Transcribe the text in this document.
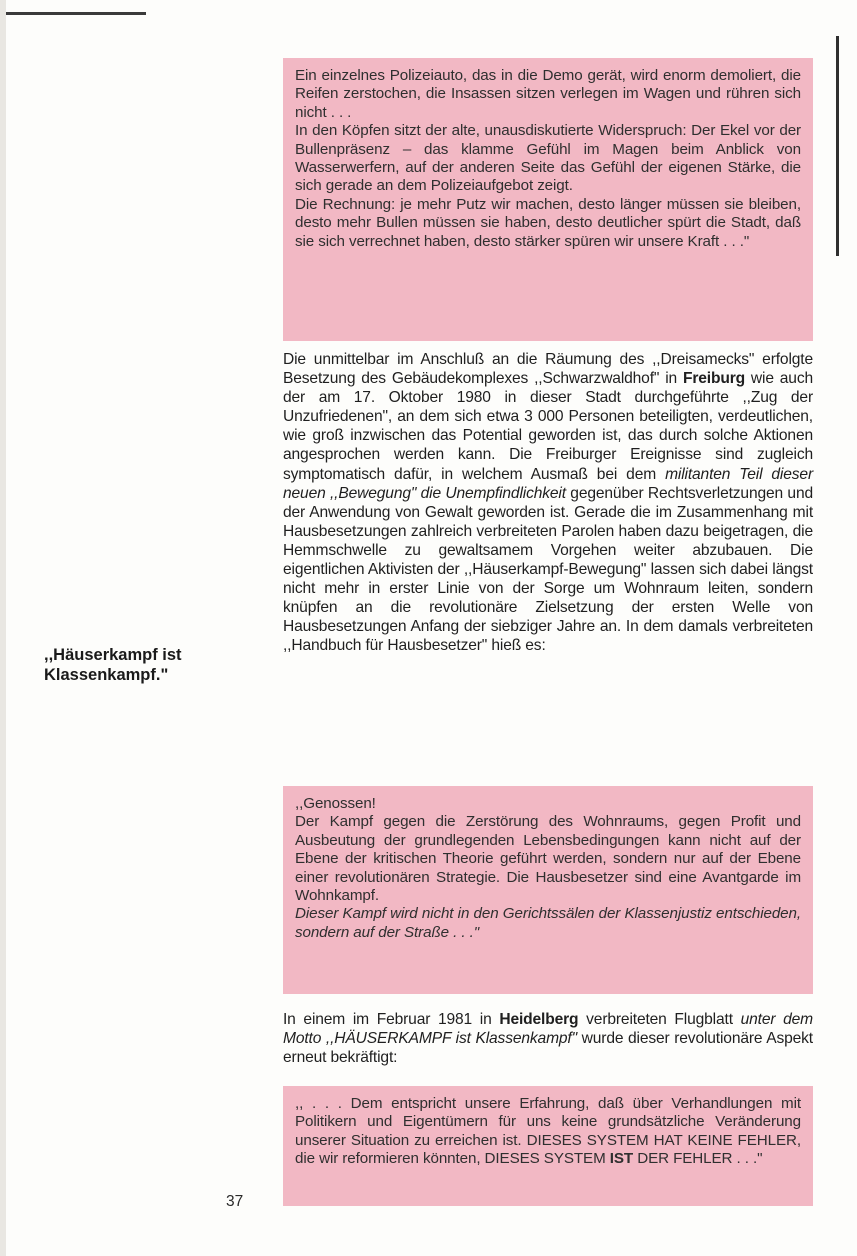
Ein einzelnes Polizeiauto, das in die Demo gerät, wird enorm demoliert, die Reifen zerstochen, die Insassen sitzen verlegen im Wagen und rühren sich nicht . . .

In den Köpfen sitzt der alte, unausdiskutierte Widerspruch: Der Ekel vor der Bullenpräsenz – das klamme Gefühl im Magen beim Anblick von Wasserwerfern, auf der anderen Seite das Gefühl der eigenen Stärke, die sich gerade an dem Polizeiaufgebot zeigt.

Die Rechnung: je mehr Putz wir machen, desto länger müssen sie bleiben, desto mehr Bullen müssen sie haben, desto deutlicher spürt die Stadt, daß sie sich verrechnet haben, desto stärker spüren wir unsere Kraft . . ."

Die unmittelbar im Anschluß an die Räumung des ,,Dreisamecks" erfolgte Besetzung des Gebäudekomplexes ,,Schwarzwaldhof" in Freiburg wie auch der am 17. Oktober 1980 in dieser Stadt durchgeführte ,,Zug der Unzufriedenen", an dem sich etwa 3 000 Personen beteiligten, verdeutlichen, wie groß inzwischen das Potential geworden ist, das durch solche Aktionen angesprochen werden kann. Die Freiburger Ereignisse sind zugleich symptomatisch dafür, in welchem Ausmaß bei dem militanten Teil dieser neuen ,,Bewegung" die Unempfindlichkeit gegenüber Rechtsverletzungen und der Anwendung von Gewalt geworden ist. Gerade die im Zusammenhang mit Hausbesetzungen zahlreich verbreiteten Parolen haben dazu beigetragen, die Hemmschwelle zu gewaltsamem Vorgehen weiter abzubauen. Die eigentlichen Aktivisten der ,,Häuserkampf-Bewegung" lassen sich dabei längst nicht mehr in erster Linie von der Sorge um Wohnraum leiten, sondern knüpfen an die revolutionäre Zielsetzung der ersten Welle von Hausbesetzungen Anfang der siebziger Jahre an. In dem damals verbreiteten ,,Handbuch für Hausbesetzer" hieß es:

,,Häuserkampf ist Klassenkampf."

,,Genossen!

Der Kampf gegen die Zerstörung des Wohnraums, gegen Profit und Ausbeutung der grundlegenden Lebensbedingungen kann nicht auf der Ebene der kritischen Theorie geführt werden, sondern nur auf der Ebene einer revolutionären Strategie. Die Hausbesetzer sind eine Avantgarde im Wohnkampf.

Dieser Kampf wird nicht in den Gerichtssälen der Klassenjustiz entschieden, sondern auf der Straße . . ."

In einem im Februar 1981 in Heidelberg verbreiteten Flugblatt unter dem Motto ,,HÄUSERKAMPF ist Klassenkampf" wurde dieser revolutionäre Aspekt erneut bekräftigt:

,, . . . Dem entspricht unsere Erfahrung, daß über Verhandlungen mit Politikern und Eigentümern für uns keine grundsätzliche Veränderung unserer Situation zu erreichen ist. DIESES SYSTEM HAT KEINE FEHLER, die wir reformieren könnten, DIESES SYSTEM IST DER FEHLER . . ."

37
